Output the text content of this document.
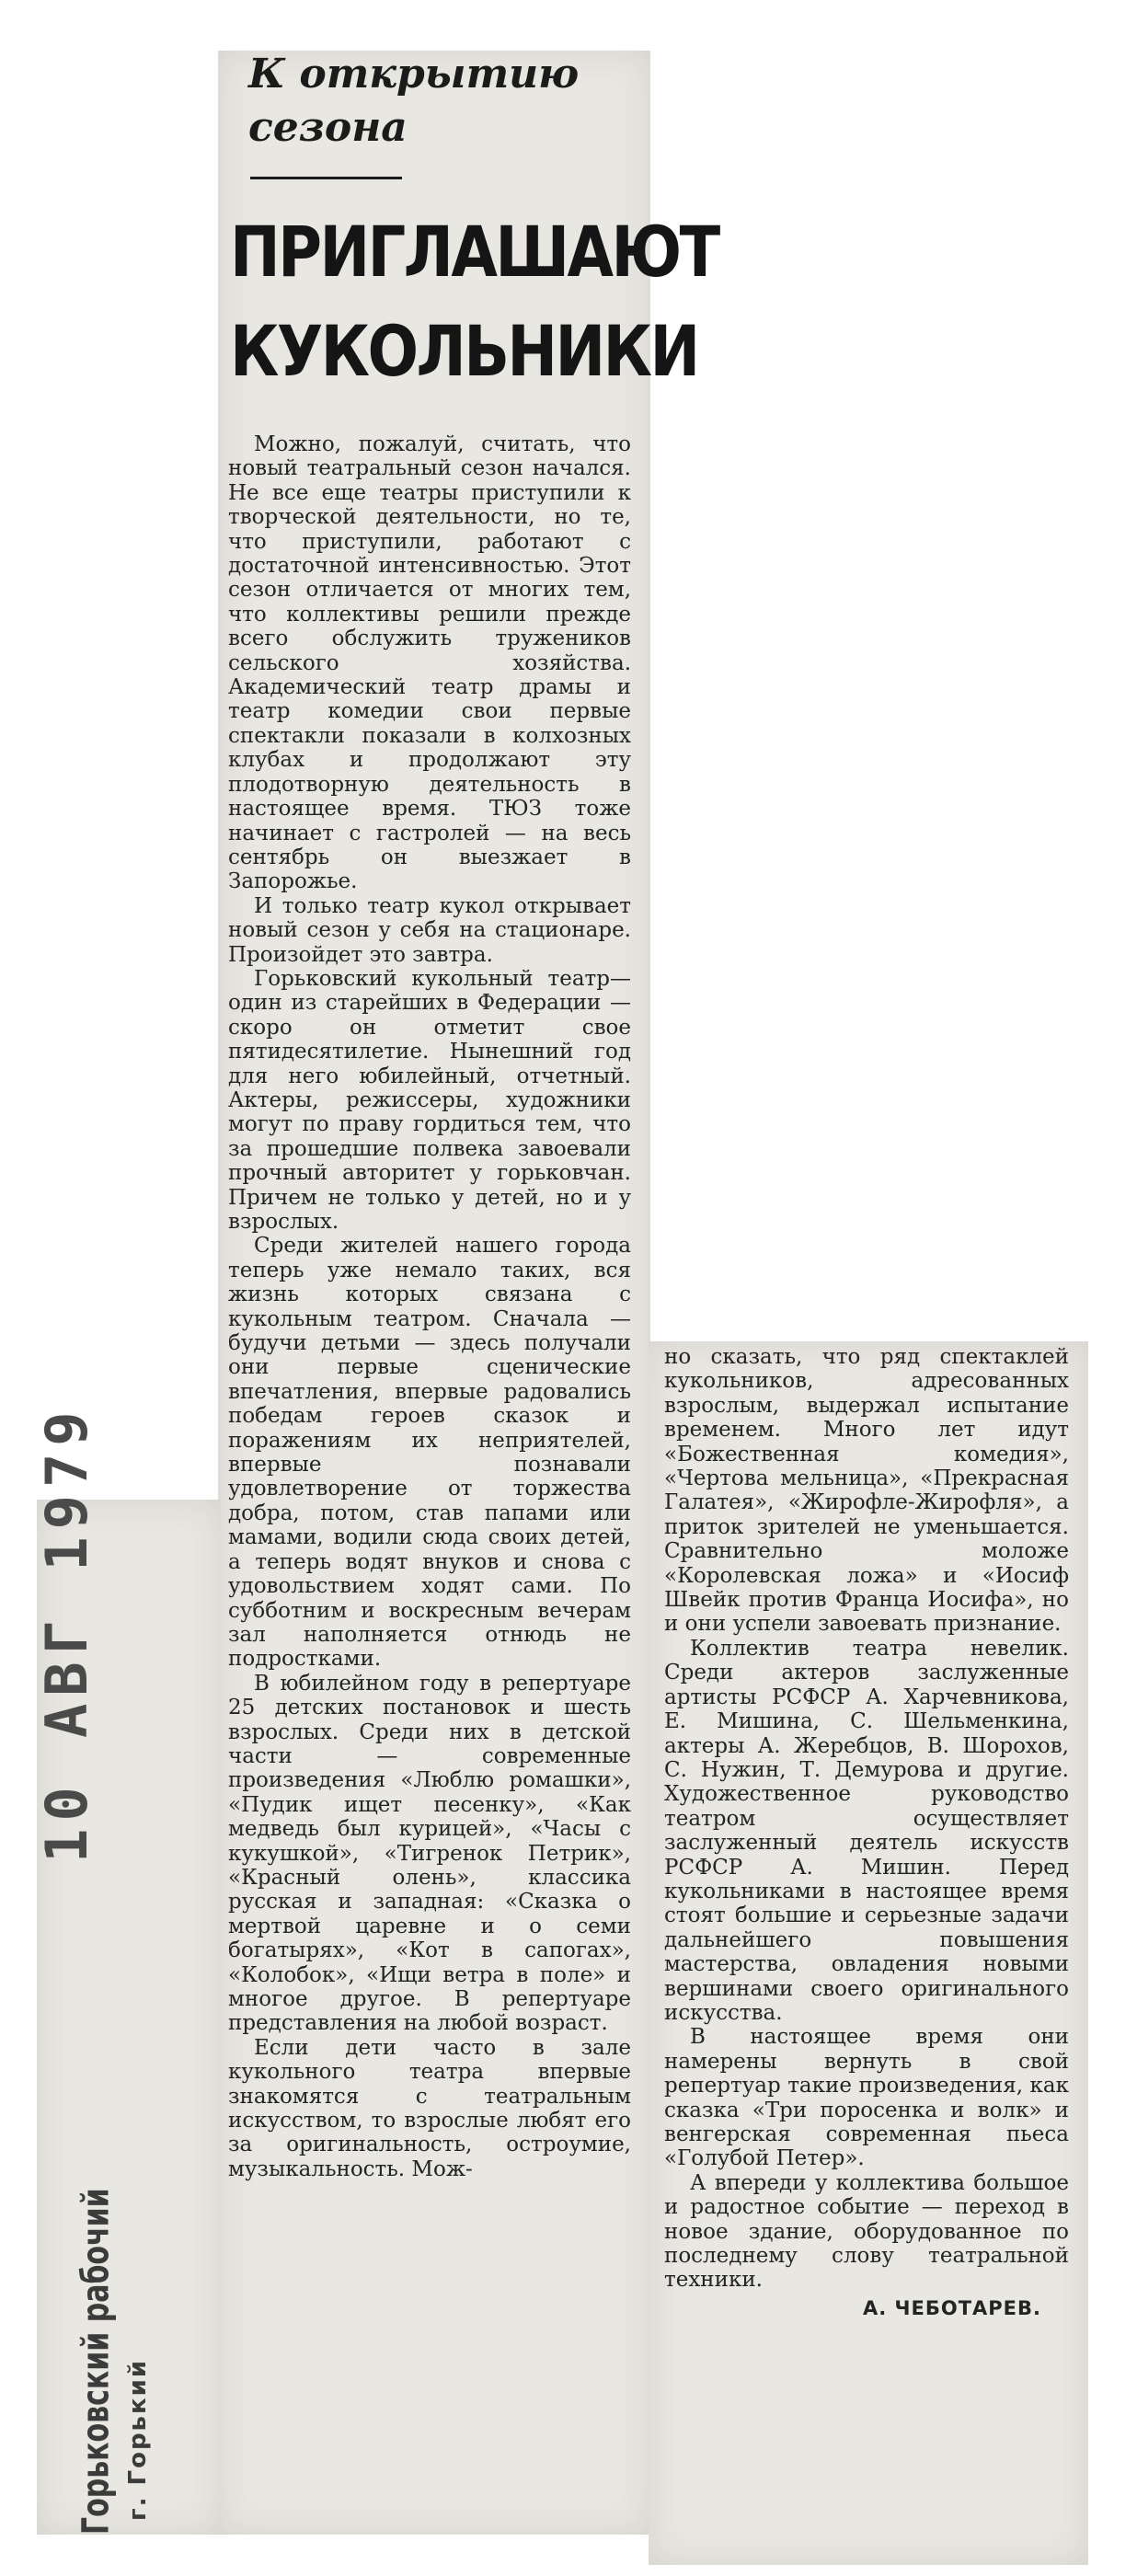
К открытию сезона
ПРИГЛАШАЮТ КУКОЛЬНИКИ

Можно, пожалуй, считать, что новый театральный сезон начался. Не все еще театры приступили к творческой деятельности, но те, что приступили, работают с достаточной интенсивностью. Этот сезон отличается от многих тем, что коллективы решили прежде всего обслужить тружеников сельского хозяйства. Академический театр драмы и театр комедии свои первые спектакли показали в колхозных клубах и продолжают эту плодотворную деятельность в настоящее время. ТЮЗ тоже начинает с гастролей — на весь сентябрь он выезжает в Запорожье.

И только театр кукол открывает новый сезон у себя на стационаре. Произойдет это завтра.

Горьковский кукольный театр—один из старейших в Федерации — скоро он отметит свое пятидесятилетие. Нынешний год для него юбилейный, отчетный. Актеры, режиссеры, художники могут по праву гордиться тем, что за прошедшие полвека завоевали прочный авторитет у горьковчан. Причем не только у детей, но и у взрослых.

Среди жителей нашего города теперь уже немало таких, вся жизнь которых связана с кукольным театром. Сначала — будучи детьми — здесь получали они первые сценические впечатления, впервые радовались победам героев сказок и поражениям их неприятелей, впервые познавали удовлетворение от торжества добра, потом, став папами или мамами, водили сюда своих детей, а теперь водят внуков и снова с удовольствием ходят сами. По субботним и воскресным вечерам зал наполняется отнюдь не подростками.

В юбилейном году в репертуаре 25 детских постановок и шесть взрослых. Среди них в детской части — современные произведения «Люблю ромашки», «Пудик ищет песенку», «Как медведь был курицей», «Часы с кукушкой», «Тигренок Петрик», «Красный олень», классика русская и западная: «Сказка о мертвой царевне и о семи богатырях», «Кот в сапогах», «Колобок», «Ищи ветра в поле» и многое другое. В репертуаре представления на любой возраст.

Если дети часто в зале кукольного театра впервые знакомятся с театральным искусством, то взрослые любят его за оригинальность, остроумие, музыкальность. Мож-

но сказать, что ряд спектаклей кукольников, адресованных взрослым, выдержал испытание временем. Много лет идут «Божественная комедия», «Чертова мельница», «Прекрасная Галатея», «Жирофле-Жирофля», а приток зрителей не уменьшается. Сравнительно моложе «Королевская ложа» и «Иосиф Швейк против Франца Иосифа», но и они успели завоевать признание.

Коллектив театра невелик. Среди актеров заслуженные артисты РСФСР А. Харчевникова, Е. Мишина, С. Шельменкина, актеры А. Жеребцов, В. Шорохов, С. Нужин, Т. Демурова и другие. Художественное руководство театром осуществляет заслуженный деятель искусств РСФСР А. Мишин. Перед кукольниками в настоящее время стоят большие и серьезные задачи дальнейшего повышения мастерства, овладения новыми вершинами своего оригинального искусства.

В настоящее время они намерены вернуть в свой репертуар такие произведения, как сказка «Три поросенка и волк» и венгерская современная пьеса «Голубой Петер».

А впереди у коллектива большое и радостное событие — переход в новое здание, оборудованное по последнему слову театральной техники.

А. ЧЕБОТАРЕВ.

10 АВГ 1979
Горьковский рабочий г. Горький
